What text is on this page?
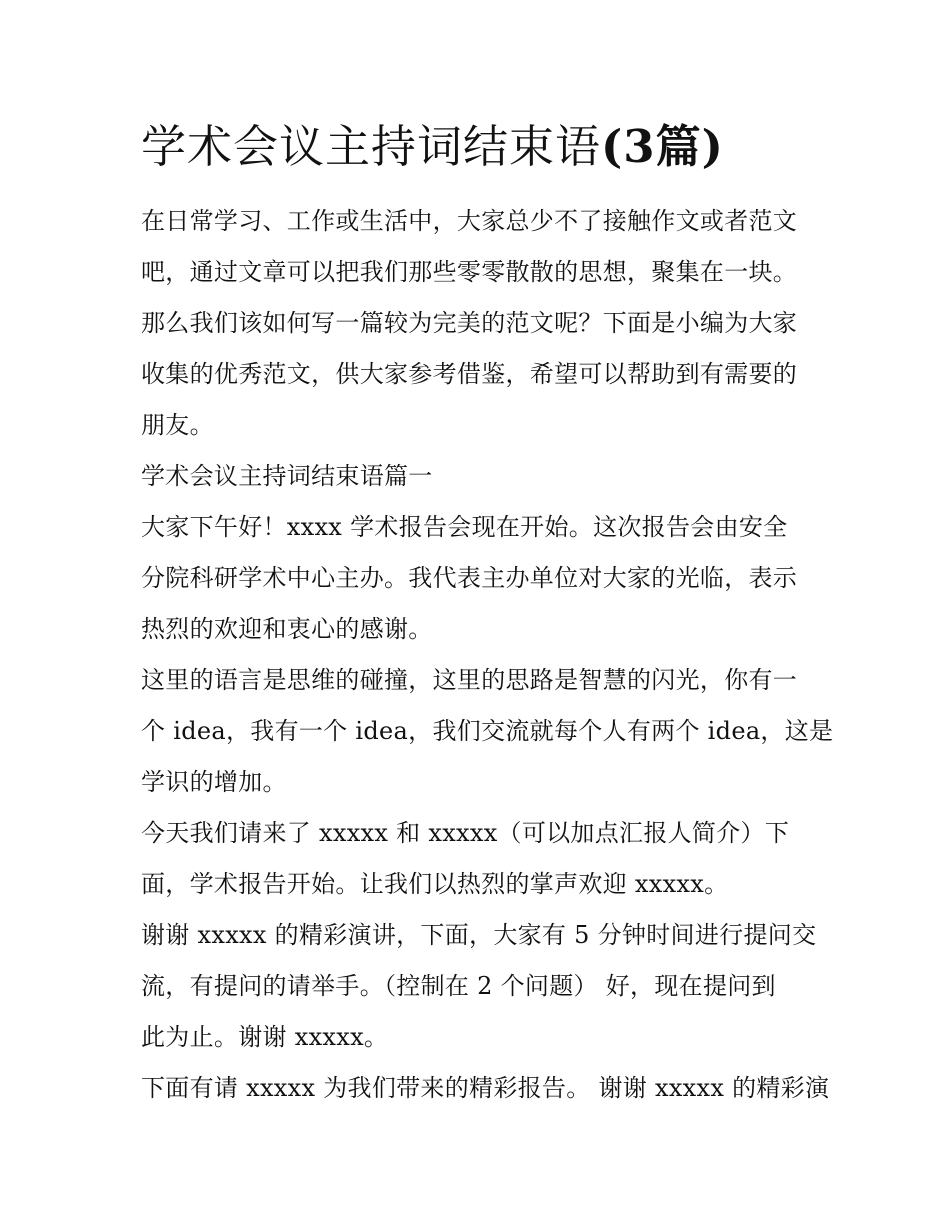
学术会议主持词结束语(3篇)
在日常学习、工作或生活中，大家总少不了接触作文或者范文
吧，通过文章可以把我们那些零零散散的思想，聚集在一块。
那么我们该如何写一篇较为完美的范文呢？下面是小编为大家
收集的优秀范文，供大家参考借鉴，希望可以帮助到有需要的
朋友。
学术会议主持词结束语篇一
大家下午好！xxxx 学术报告会现在开始。这次报告会由安全
分院科研学术中心主办。我代表主办单位对大家的光临，表示
热烈的欢迎和衷心的感谢。
这里的语言是思维的碰撞，这里的思路是智慧的闪光，你有一
个 idea，我有一个 idea，我们交流就每个人有两个 idea，这是
学识的增加。
今天我们请来了 xxxxx 和 xxxxx（可以加点汇报人简介）下
面，学术报告开始。让我们以热烈的掌声欢迎 xxxxx。
谢谢 xxxxx 的精彩演讲，下面，大家有 5 分钟时间进行提问交
流，有提问的请举手。（控制在 2 个问题） 好，现在提问到
此为止。谢谢 xxxxx。
下面有请 xxxxx 为我们带来的精彩报告。 谢谢 xxxxx 的精彩演
